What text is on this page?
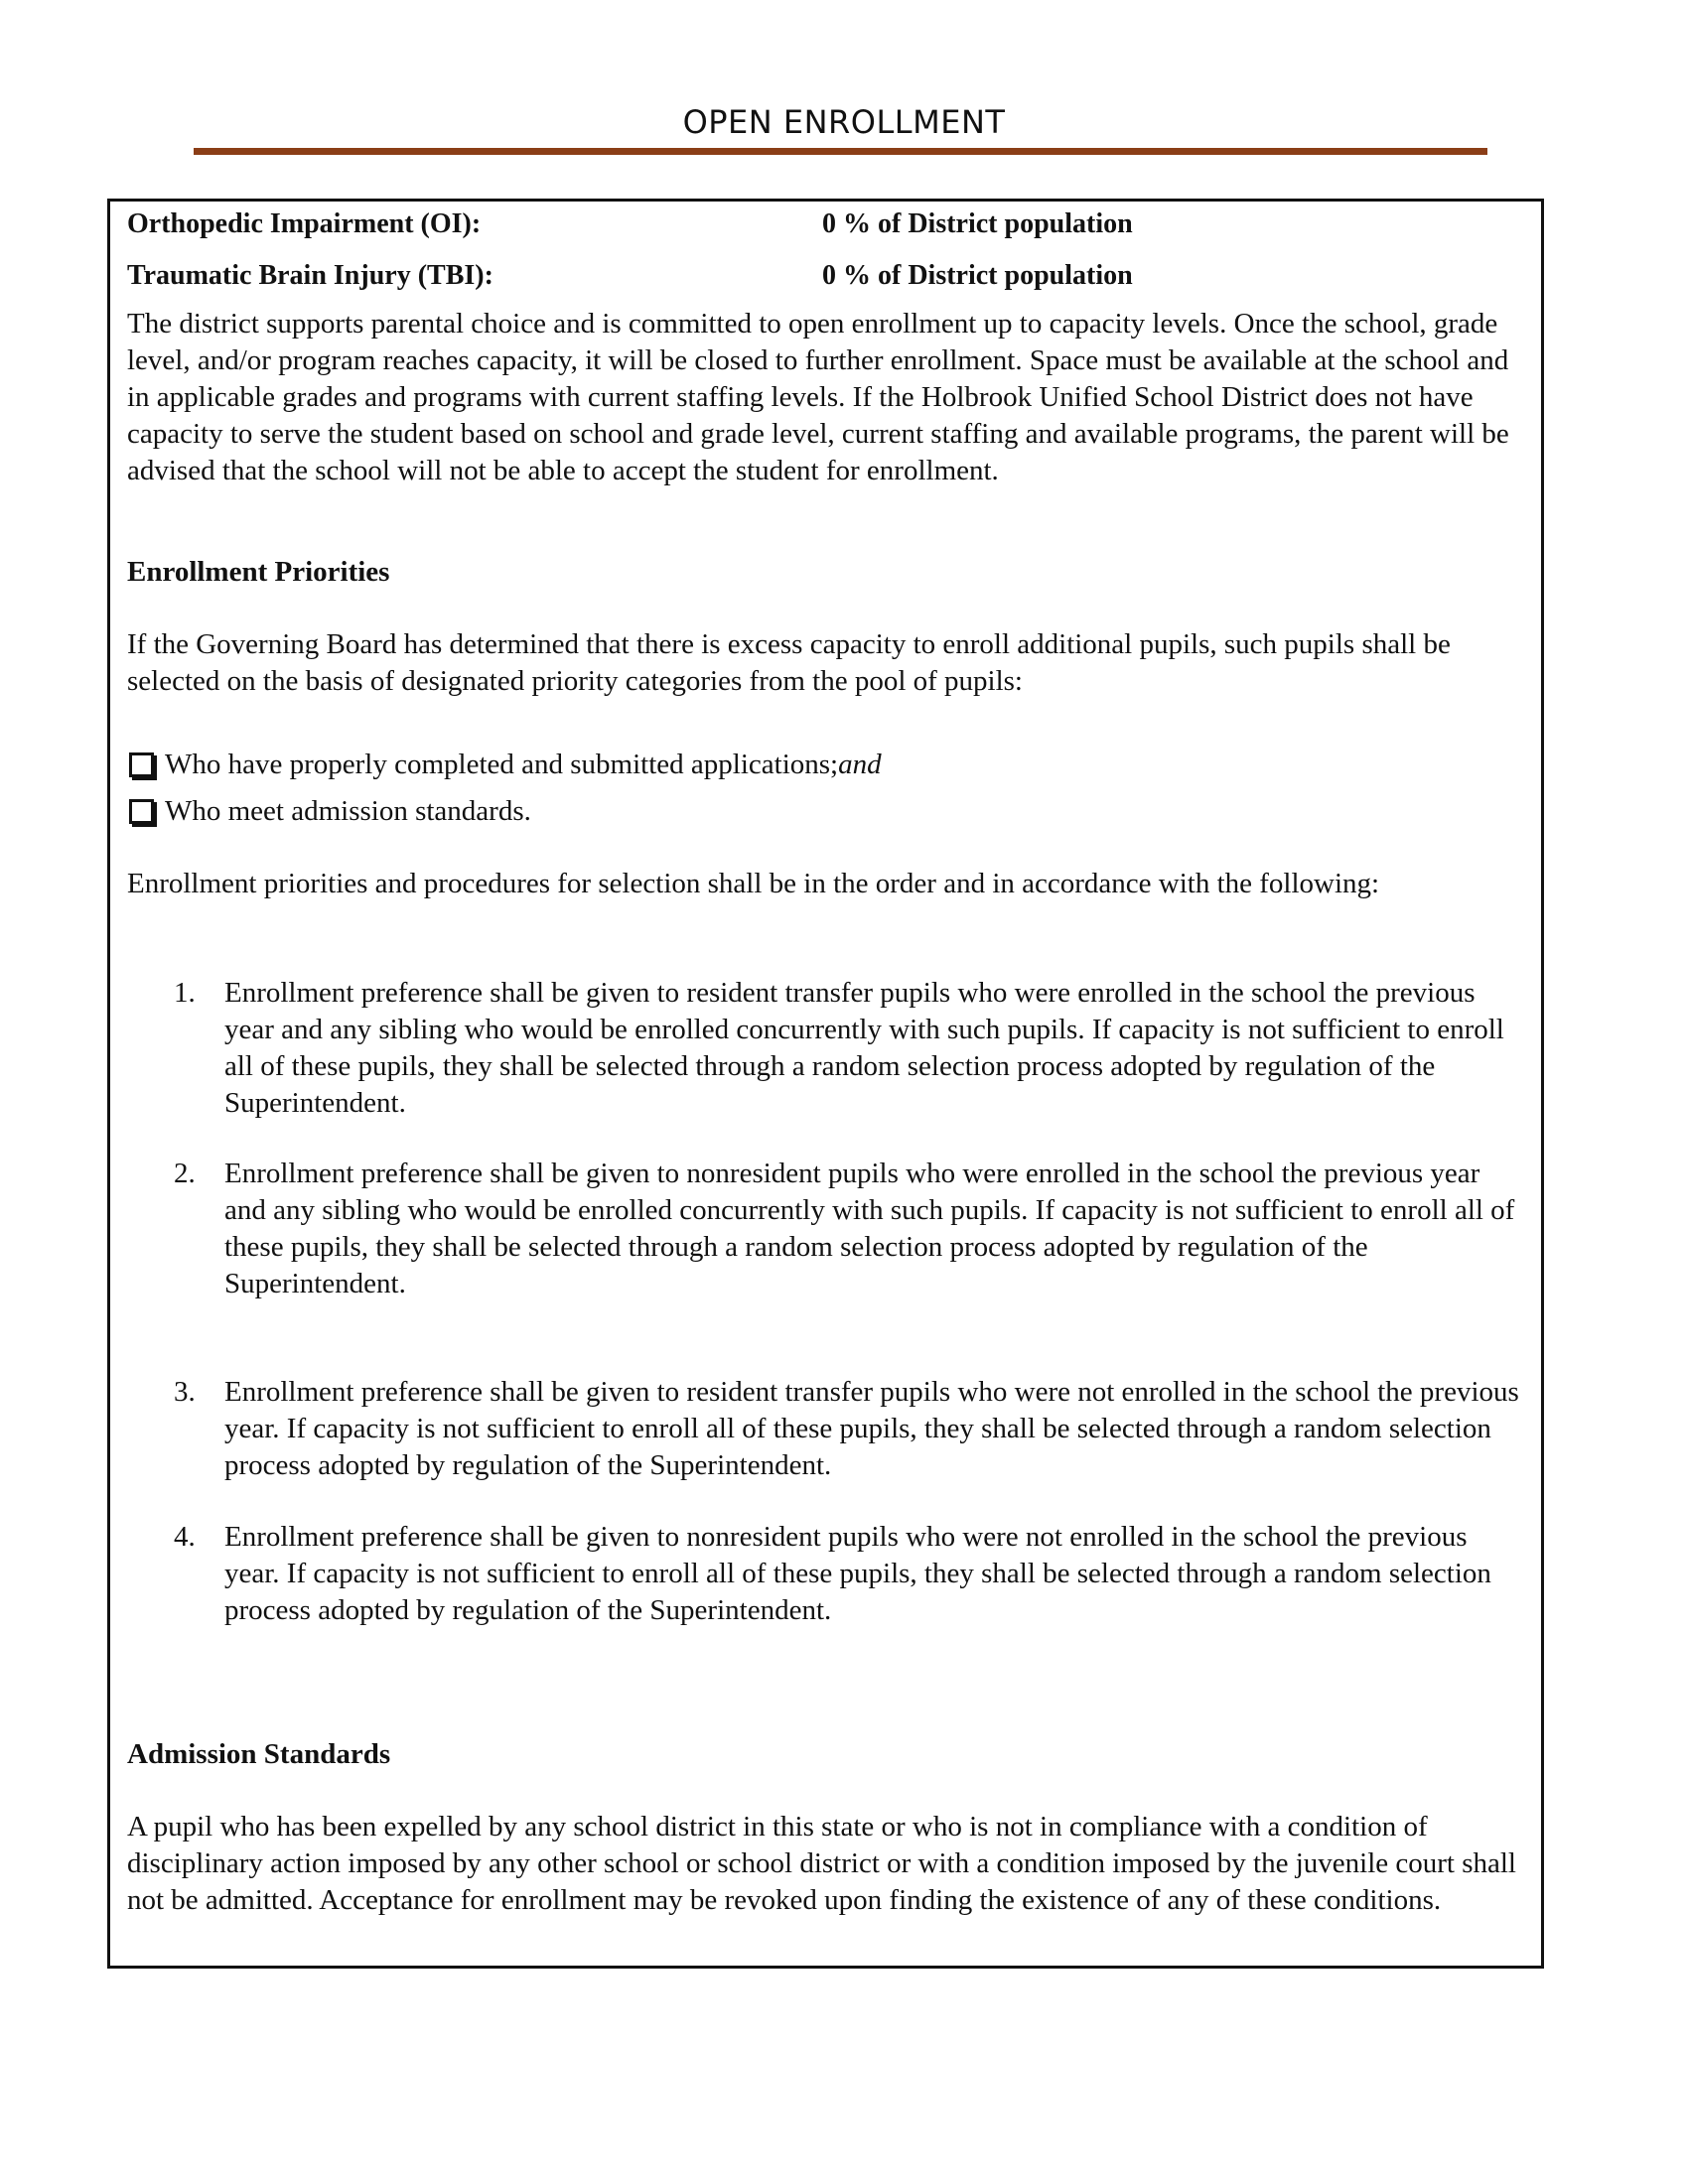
OPEN ENROLLMENT
Orthopedic Impairment (OI):	0 % of District population
Traumatic Brain Injury (TBI):	0 % of District population
The district supports parental choice and is committed to open enrollment up to capacity levels. Once the school, grade level, and/or program reaches capacity, it will be closed to further enrollment. Space must be available at the school and in applicable grades and programs with current staffing levels. If the Holbrook Unified School District does not have capacity to serve the student based on school and grade level, current staffing and available programs, the parent will be advised that the school will not be able to accept the student for enrollment.
Enrollment Priorities
If the Governing Board has determined that there is excess capacity to enroll additional pupils, such pupils shall be selected on the basis of designated priority categories from the pool of pupils:
Who have properly completed and submitted applications; and
Who meet admission standards.
Enrollment priorities and procedures for selection shall be in the order and in accordance with the following:
1. Enrollment preference shall be given to resident transfer pupils who were enrolled in the school the previous year and any sibling who would be enrolled concurrently with such pupils. If capacity is not sufficient to enroll all of these pupils, they shall be selected through a random selection process adopted by regulation of the Superintendent.
2. Enrollment preference shall be given to nonresident pupils who were enrolled in the school the previous year and any sibling who would be enrolled concurrently with such pupils. If capacity is not sufficient to enroll all of these pupils, they shall be selected through a random selection process adopted by regulation of the Superintendent.
3. Enrollment preference shall be given to resident transfer pupils who were not enrolled in the school the previous year. If capacity is not sufficient to enroll all of these pupils, they shall be selected through a random selection process adopted by regulation of the Superintendent.
4. Enrollment preference shall be given to nonresident pupils who were not enrolled in the school the previous year. If capacity is not sufficient to enroll all of these pupils, they shall be selected through a random selection process adopted by regulation of the Superintendent.
Admission Standards
A pupil who has been expelled by any school district in this state or who is not in compliance with a condition of disciplinary action imposed by any other school or school district or with a condition imposed by the juvenile court shall not be admitted. Acceptance for enrollment may be revoked upon finding the existence of any of these conditions.
